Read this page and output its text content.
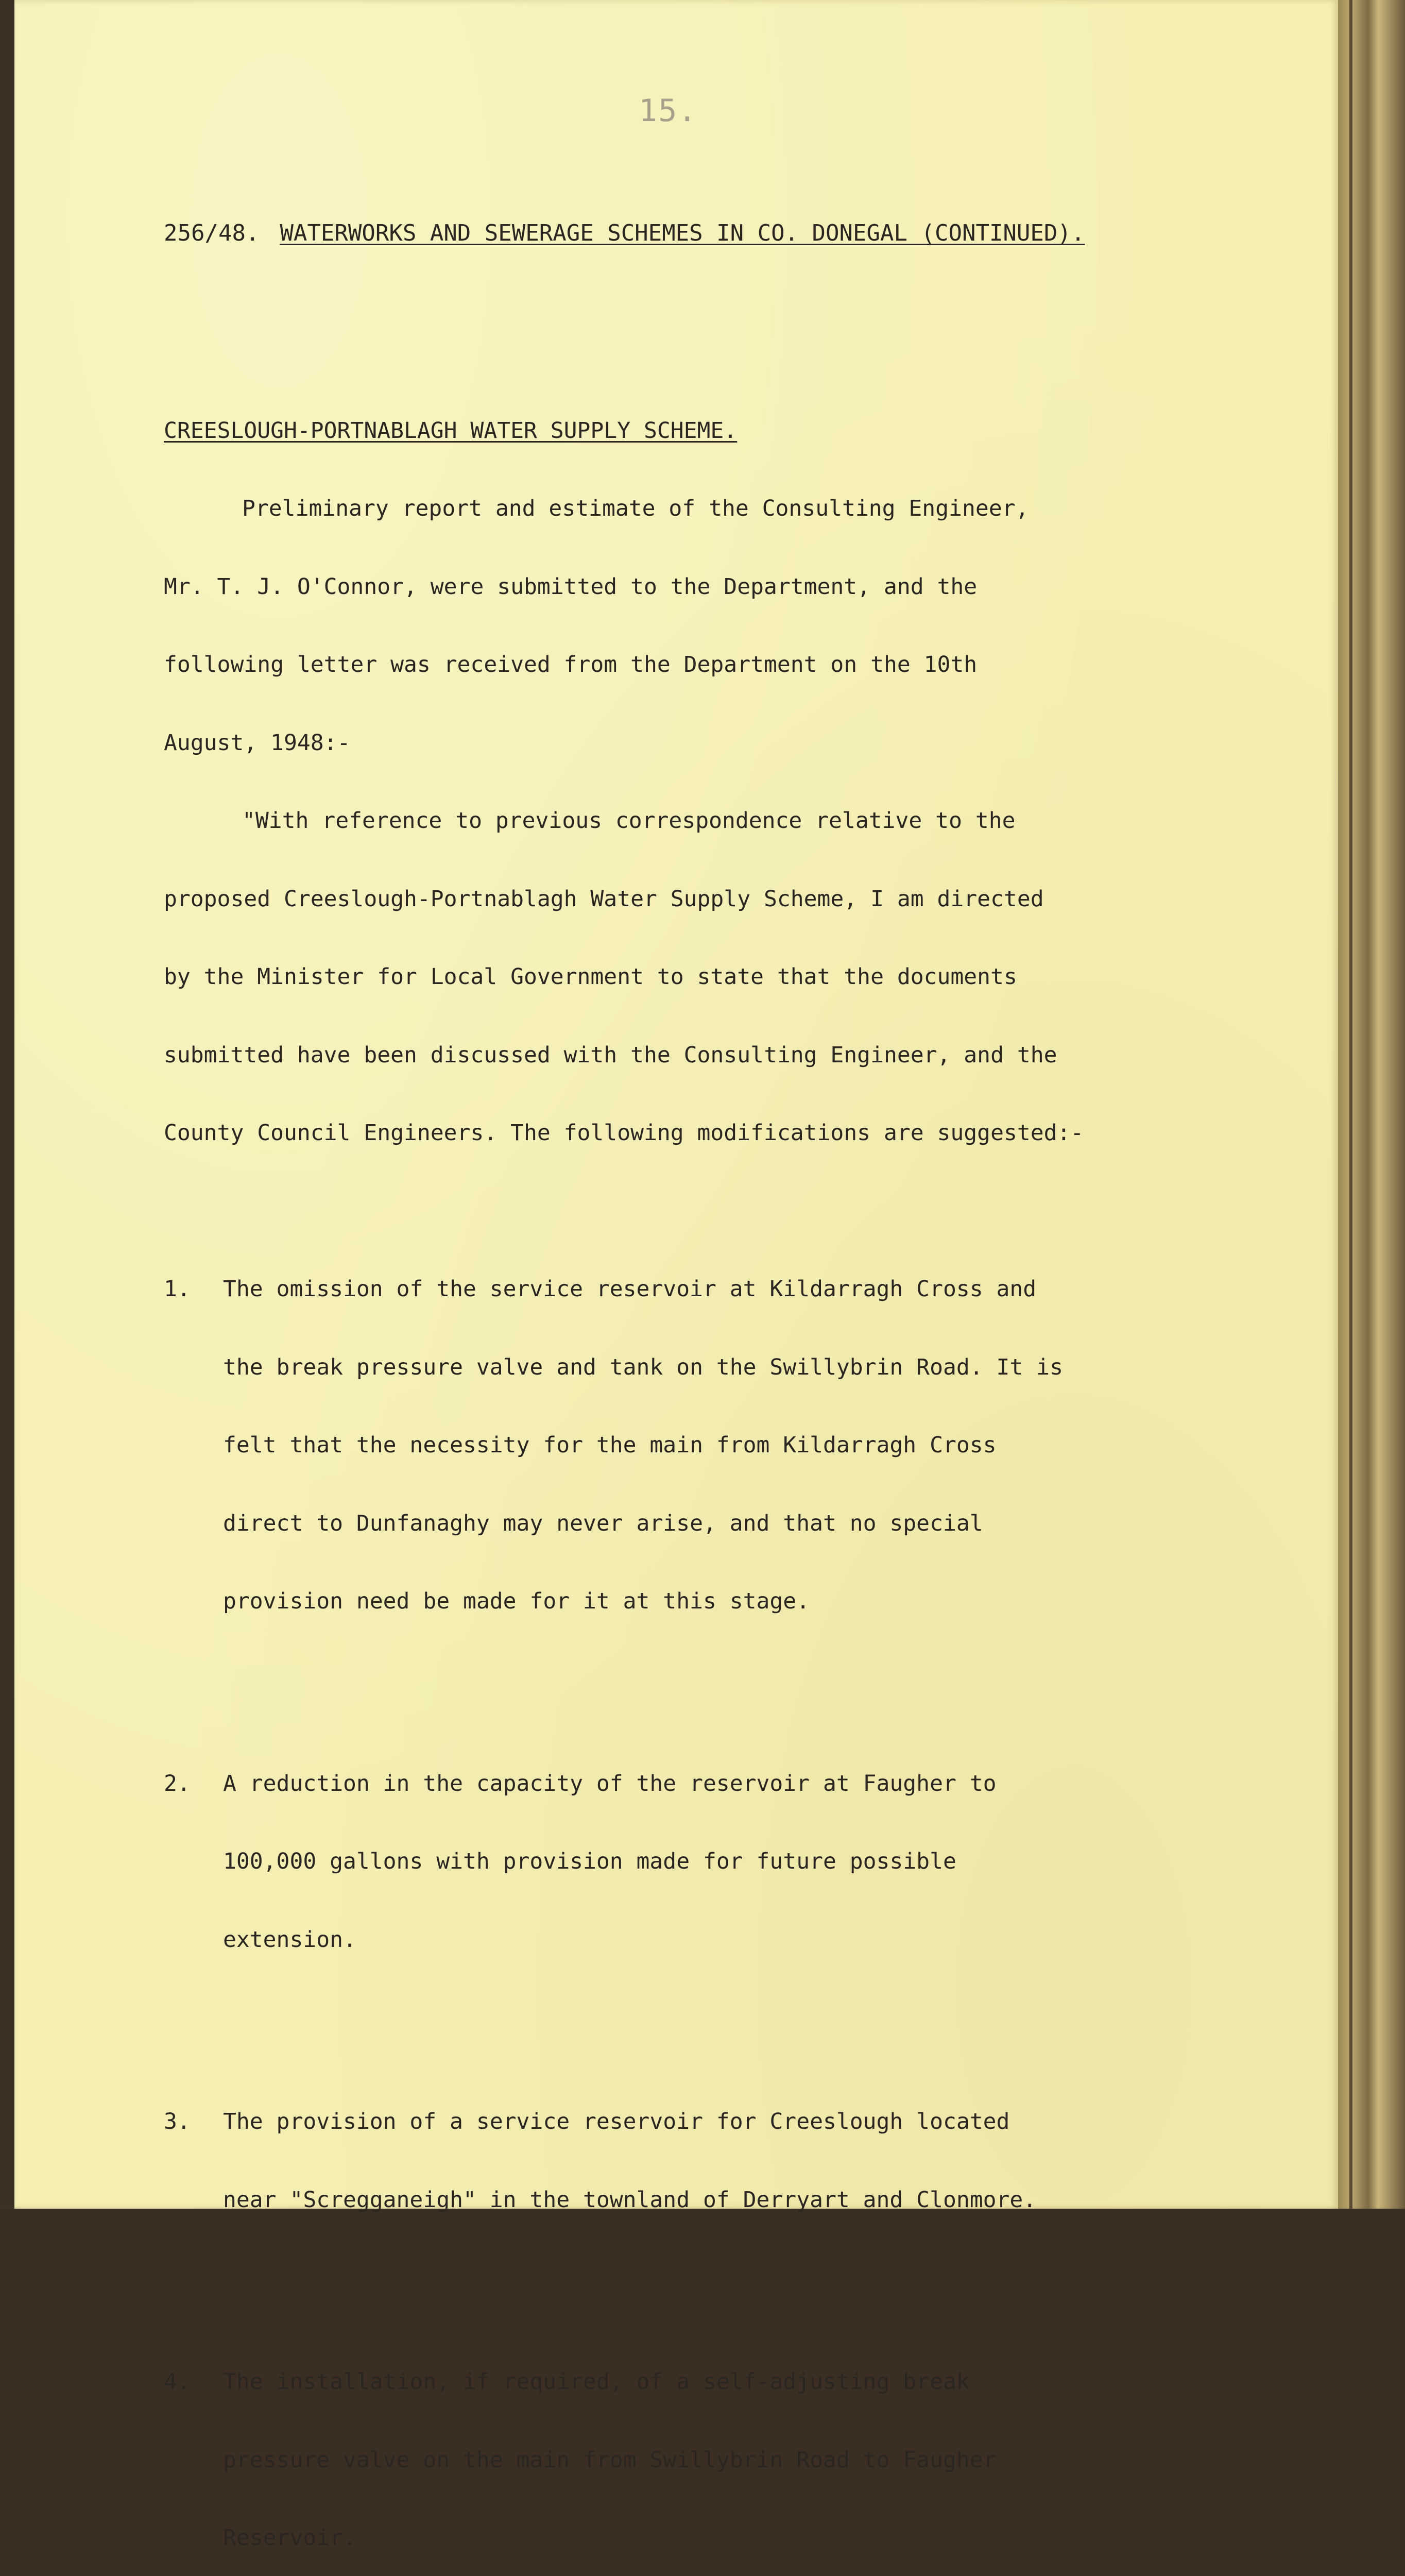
15.

256/48. WATERWORKS AND SEWERAGE SCHEMES IN CO. DONEGAL (CONTINUED).

CREESLOUGH-PORTNABLAGH WATER SUPPLY SCHEME.

Preliminary report and estimate of the Consulting Engineer,

Mr. T. J. O'Connor, were submitted to the Department, and the

following letter was received from the Department on the 10th

August, 1948:-

"With reference to previous correspondence relative to the

proposed Creeslough-Portnablagh Water Supply Scheme, I am directed

by the Minister for Local Government to state that the documents

submitted have been discussed with the Consulting Engineer, and the

County Council Engineers. The following modifications are suggested:-

1. The omission of the service reservoir at Kildarragh Cross and

the break pressure valve and tank on the Swillybrin Road. It is

felt that the necessity for the main from Kildarragh Cross

direct to Dunfanaghy may never arise, and that no special

provision need be made for it at this stage.

2. A reduction in the capacity of the reservoir at Faugher to

100,000 gallons with provision made for future possible

extension.

3. The provision of a service reservoir for Creeslough located

near "Scregganeigh" in the townland of Derryart and Clonmore.

4. The installation, if required, of a self-adjusting break

pressure valve on the main from Swillybrin Road to Faugher

Reservoir.
